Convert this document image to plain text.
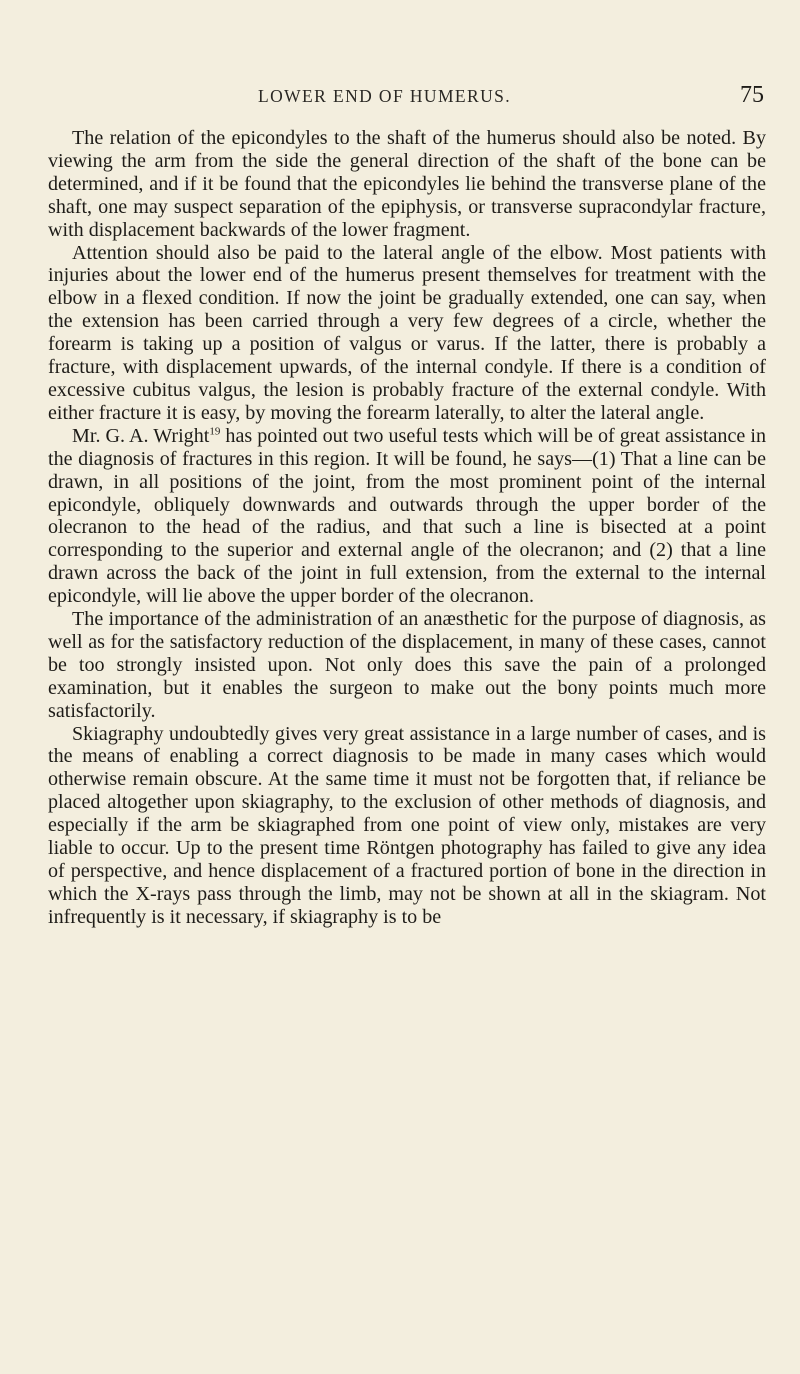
LOWER END OF HUMERUS.	75

The relation of the epicondyles to the shaft of the humerus should also be noted. By viewing the arm from the side the general direction of the shaft of the bone can be determined, and if it be found that the epicondyles lie behind the transverse plane of the shaft, one may suspect separation of the epiphysis, or transverse supracondylar fracture, with displacement backwards of the lower fragment.

Attention should also be paid to the lateral angle of the elbow. Most patients with injuries about the lower end of the humerus present themselves for treatment with the elbow in a flexed condition. If now the joint be gradually extended, one can say, when the extension has been carried through a very few degrees of a circle, whether the forearm is taking up a position of valgus or varus. If the latter, there is probably a fracture, with displacement upwards, of the internal condyle. If there is a condition of excessive cubitus valgus, the lesion is probably fracture of the external condyle. With either fracture it is easy, by moving the forearm laterally, to alter the lateral angle.

Mr. G. A. Wright$^{19}$ has pointed out two useful tests which will be of great assistance in the diagnosis of fractures in this region. It will be found, he says—(1) That a line can be drawn, in all positions of the joint, from the most prominent point of the internal epicondyle, obliquely downwards and outwards through the upper border of the olecranon to the head of the radius, and that such a line is bisected at a point corresponding to the superior and external angle of the olecranon; and (2) that a line drawn across the back of the joint in full extension, from the external to the internal epicondyle, will lie above the upper border of the olecranon.

The importance of the administration of an anæsthetic for the purpose of diagnosis, as well as for the satisfactory reduction of the displacement, in many of these cases, cannot be too strongly insisted upon. Not only does this save the pain of a prolonged examination, but it enables the surgeon to make out the bony points much more satisfactorily.

Skiagraphy undoubtedly gives very great assistance in a large number of cases, and is the means of enabling a correct diagnosis to be made in many cases which would otherwise remain obscure. At the same time it must not be forgotten that, if reliance be placed altogether upon skiagraphy, to the exclusion of other methods of diagnosis, and especially if the arm be skiagraphed from one point of view only, mistakes are very liable to occur. Up to the present time Röntgen photography has failed to give any idea of perspective, and hence displacement of a fractured portion of bone in the direction in which the X-rays pass through the limb, may not be shown at all in the skiagram. Not infrequently is it necessary, if skiagraphy is to be
